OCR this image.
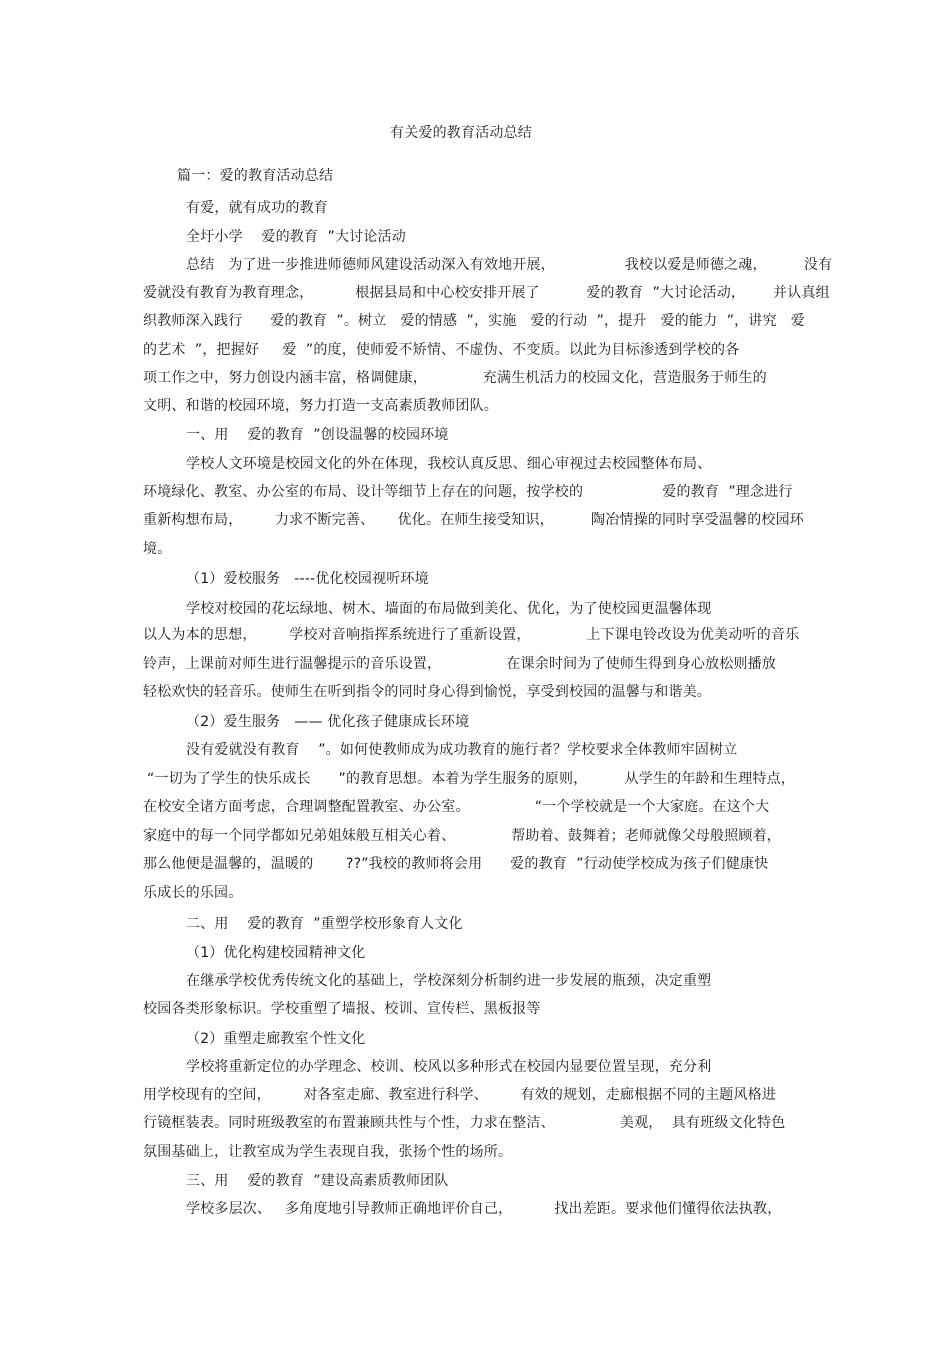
有关爱的教育活动总结
篇一：爱的教育活动总结
有爱，就有成功的教育
全圩小学    爱的教育  ”大讨论活动
总结   为了进一步推进师德师风建设活动深入有效地开展，               我校以爱是师德之魂，        没有
爱就没有教育为教育理念，         根据县局和中心校安排开展了          爱的教育  ”大讨论活动，      并认真组
织教师深入践行      爱的教育  ”。树立   爱的情感  ”，实施   爱的行动  ”，提升   爱的能力  ”，讲究   爱
的艺术  ”，把握好     爱  ”的度，使师爱不矫情、不虚伪、不变质。以此为目标渗透到学校的各
项工作之中，努力创设内涵丰富，格调健康，            充满生机活力的校园文化，营造服务于师生的
文明、和谐的校园环境，努力打造一支高素质教师团队。
一、用    爱的教育  ”创设温馨的校园环境
学校人文环境是校园文化的外在体现，我校认真反思、细心审视过去校园整体布局、
环境绿化、教室、办公室的布局、设计等细节上存在的问题，按学校的                 爱的教育  ”理念进行
重新构想布局，       力求不断完善、     优化。在师生接受知识，        陶冶情操的同时享受温馨的校园环
境。
（1）爱校服务   ----优化校园视听环境
学校对校园的花坛绿地、树木、墙面的布局做到美化、优化，为了使校园更温馨体现
以人为本的思想，       学校对音响指挥系统进行了重新设置，            上下课电铃改设为优美动听的音乐
铃声，上课前对师生进行温馨提示的音乐设置，              在课余时间为了使师生得到身心放松则播放
轻松欢快的轻音乐。使师生在听到指令的同时身心得到愉悦，享受到校园的温馨与和谐美。
（2）爱生服务   —— 优化孩子健康成长环境
没有爱就没有教育    ”。如何使教师成为成功教育的施行者？学校要求全体教师牢固树立
“一切为了学生的快乐成长      ”的教育思想。本着为学生服务的原则，        从学生的年龄和生理特点，
在校安全诸方面考虑，合理调整配置教室、办公室。              “一个学校就是一个大家庭。在这个大
家庭中的每一个同学都如兄弟姐妹般互相关心着、            帮助着、鼓舞着；老师就像父母般照顾着，
那么他便是温馨的，温暖的       ??”我校的教师将会用      爱的教育  ”行动使学校成为孩子们健康快
乐成长的乐园。
二、用    爱的教育  ”重塑学校形象育人文化
（1）优化构建校园精神文化
在继承学校优秀传统文化的基础上，学校深刻分析制约进一步发展的瓶颈，决定重塑
校园各类形象标识。学校重塑了墙报、校训、宣传栏、黑板报等
（2）重塑走廊教室个性文化
学校将重新定位的办学理念、校训、校风以多种形式在校园内显要位置呈现，充分利
用学校现有的空间，       对各室走廊、教室进行科学、       有效的规划，走廊根据不同的主题风格进
行镜框装表。同时班级教室的布置兼顾共性与个性，力求在整洁、              美观，  具有班级文化特色
氛围基础上，让教室成为学生表现自我，张扬个性的场所。
三、用    爱的教育  ”建设高素质教师团队
学校多层次、   多角度地引导教师正确地评价自己，         找出差距。要求他们懂得依法执教，
